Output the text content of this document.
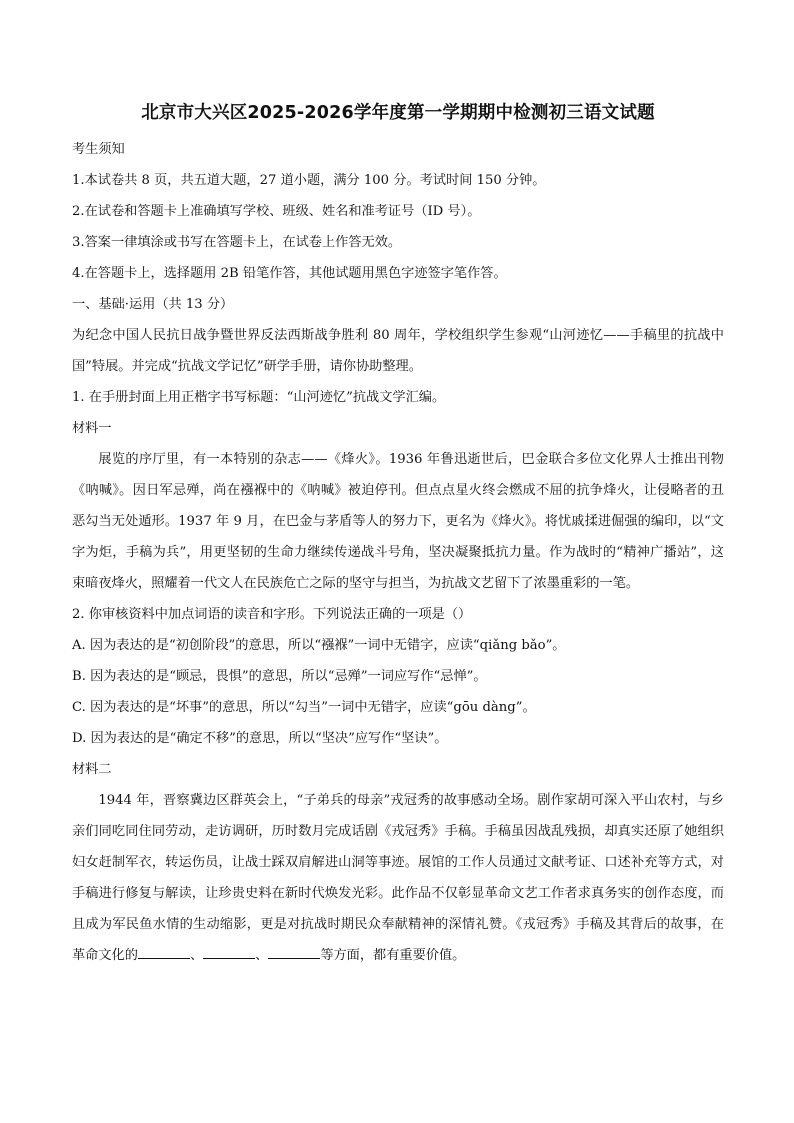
北京市大兴区2025-2026学年度第一学期期中检测初三语文试题

考生须知

1.本试卷共 8 页，共五道大题，27 道小题，满分 100 分。考试时间 150 分钟。

2.在试卷和答题卡上准确填写学校、班级、姓名和准考证号（ID 号）。

3.答案一律填涂或书写在答题卡上，在试卷上作答无效。

4.在答题卡上，选择题用 2B 铅笔作答，其他试题用黑色字迹签字笔作答。

一、基础·运用（共 13 分）

为纪念中国人民抗日战争暨世界反法西斯战争胜利 80 周年，学校组织学生参观“山河迹忆——手稿里的抗战中国”特展。并完成“抗战文学记忆”研学手册，请你协助整理。

1. 在手册封面上用正楷字书写标题：“山河迹忆”抗战文学汇编。

材料一

展览的序厅里，有一本特别的杂志——《烽火》。1936 年鲁迅逝世后，巴金联合多位文化界人士推出刊物《呐喊》。因日军忌殚，尚在襁褓中的《呐喊》被迫停刊。但点点星火终会燃成不屈的抗争烽火，让侵略者的丑恶勾当无处遁形。1937 年 9 月，在巴金与茅盾等人的努力下，更名为《烽火》。将忧戚揉进倔强的编印，以“文字为炬，手稿为兵”，用更坚韧的生命力继续传递战斗号角，坚决凝聚抵抗力量。作为战时的“精神广播站”，这束暗夜烽火，照耀着一代文人在民族危亡之际的坚守与担当，为抗战文艺留下了浓墨重彩的一笔。

2. 你审核资料中加点词语的读音和字形。下列说法正确的一项是（）

A. 因为表达的是“初创阶段”的意思，所以“襁褓”一词中无错字，应读“qiǎng bǎo”。

B. 因为表达的是“顾忌，畏惧”的意思，所以“忌殚”一词应写作“忌惮”。

C. 因为表达的是“坏事”的意思，所以“勾当”一词中无错字，应读“gōu dàng”。

D. 因为表达的是“确定不移”的意思，所以“坚决”应写作“坚诀”。

材料二

1944 年，晋察冀边区群英会上，“子弟兵的母亲”戎冠秀的故事感动全场。剧作家胡可深入平山农村，与乡亲们同吃同住同劳动，走访调研，历时数月完成话剧《戎冠秀》手稿。手稿虽因战乱残损，却真实还原了她组织妇女赶制军衣，转运伤员，让战士踩双肩解进山洞等事迹。展馆的工作人员通过文献考证、口述补充等方式，对手稿进行修复与解读，让珍贵史料在新时代焕发光彩。此作品不仅彰显革命文艺工作者求真务实的创作态度，而且成为军民鱼水情的生动缩影，更是对抗战时期民众奉献精神的深情礼赞。《戎冠秀》手稿及其背后的故事，在革命文化的	、	、	等方面，都有重要价值。
